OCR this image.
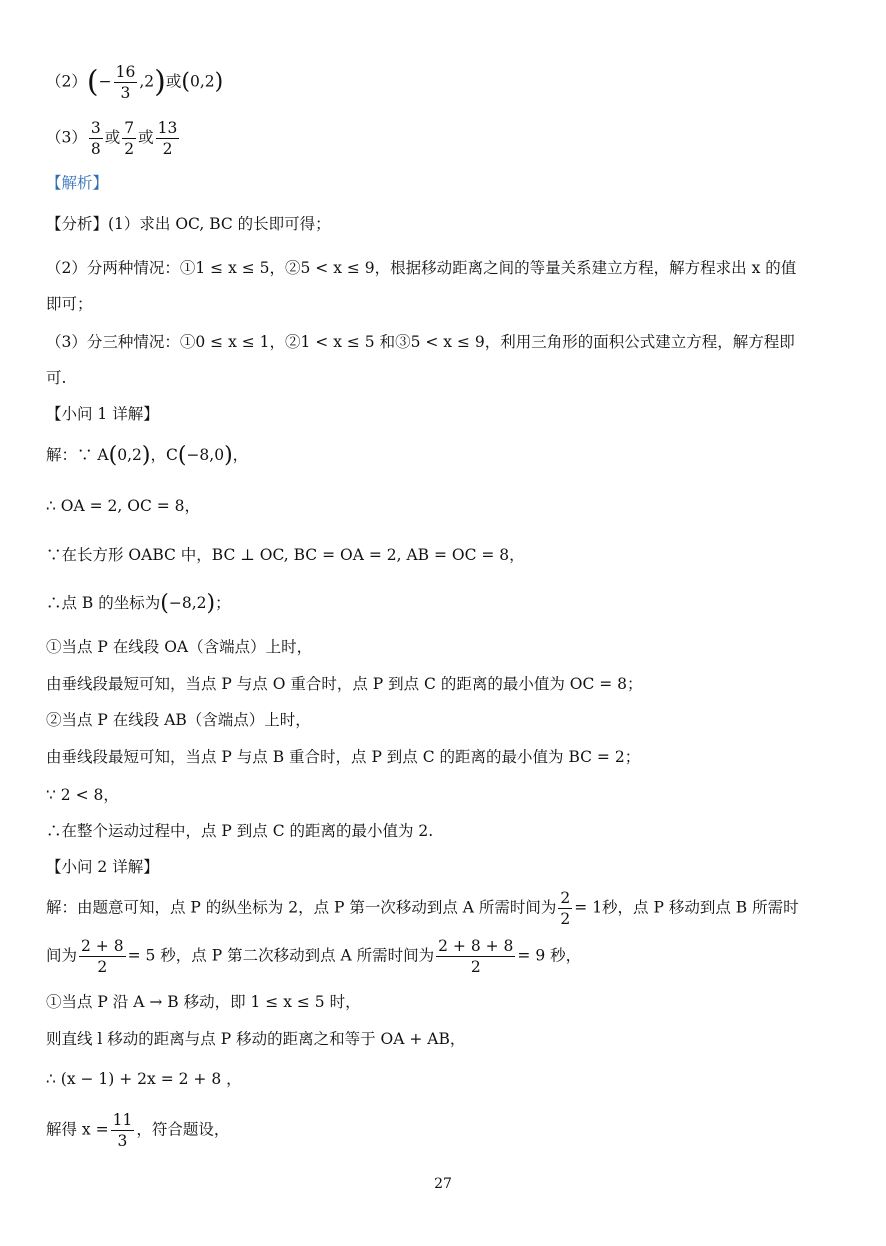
$(2)(- \frac{16}{3} ,2)$或(0,2)
$(3) \frac{3}{8}$ 或 $\frac{7}{2}$ 或 $\frac{13}{2}$
【解析】
【分析】(1）求出 OC, BC 的长即可得；
（2）分两种情况：①1 ≤ x ≤ 5，②5 < x ≤ 9，根据移动距离之间的等量关系建立方程，解方程求出 x 的值
即可；
（3）分三种情况：①0 ≤ x ≤ 1，②1 < x ≤ 5 和③5 < x ≤ 9，利用三角形的面积公式建立方程，解方程即
可.
【小问 1 详解】
解：∵ A(0,2)，C(−8,0)，
∴ OA = 2, OC = 8，
∵在长方形 OABC 中，BC ⊥ OC, BC = OA = 2, AB = OC = 8，
∴点 B 的坐标为(−8,2)；
①当点 P 在线段 OA（含端点）上时，
由垂线段最短可知，当点 P 与点 O 重合时，点 P 到点 C 的距离的最小值为 OC = 8；
②当点 P 在线段 AB（含端点）上时，
由垂线段最短可知，当点 P 与点 B 重合时，点 P 到点 C 的距离的最小值为 BC = 2；
∵ 2 < 8，
∴在整个运动过程中，点 P 到点 C 的距离的最小值为 2.
【小问 2 详解】
解：由题意可知，点 P 的纵坐标为 2，点 P 第一次移动到点 A 所需时间为 $\frac{2}{2} = 1$秒，点 P 移动到点 B 所需时
间为 $\frac{2 + 8}{2} = 5$ 秒，点 P 第二次移动到点 A 所需时间为 $\frac{2 + 8 + 8}{2} = 9$ 秒，
①当点 P 沿 A → B 移动，即 1 ≤ x ≤ 5 时，
则直线 l 移动的距离与点 P 移动的距离之和等于 OA + AB，
∴ (x − 1) + 2x = 2 + 8 ，
解得 $x = \frac{11}{3}$ ，符合题设，
27
